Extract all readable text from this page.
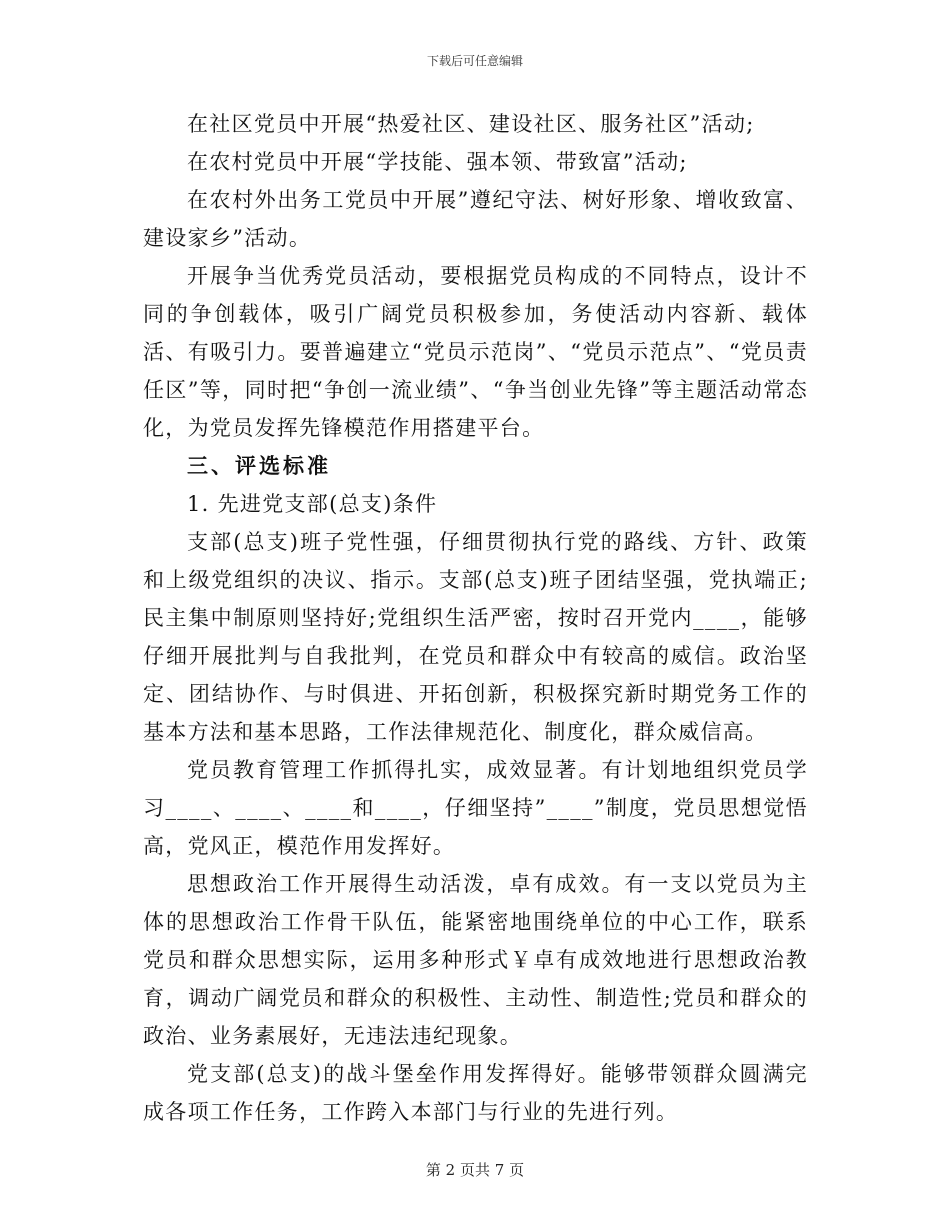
下载后可任意编辑

在社区党员中开展“热爱社区、建设社区、服务社区”活动;

在农村党员中开展“学技能、强本领、带致富”活动;

在农村外出务工党员中开展”遵纪守法、树好形象、增收致富、建设家乡”活动。

开展争当优秀党员活动，要根据党员构成的不同特点，设计不同的争创载体，吸引广阔党员积极参加，务使活动内容新、载体活、有吸引力。要普遍建立“党员示范岗”、“党员示范点”、“党员责任区”等，同时把“争创一流业绩”、“争当创业先锋”等主题活动常态化，为党员发挥先锋模范作用搭建平台。

三、评选标准

1. 先进党支部(总支)条件

支部(总支)班子党性强，仔细贯彻执行党的路线、方针、政策和上级党组织的决议、指示。支部(总支)班子团结坚强，党执端正;民主集中制原则坚持好;党组织生活严密，按时召开党内____，能够仔细开展批判与自我批判，在党员和群众中有较高的威信。政治坚定、团结协作、与时俱进、开拓创新，积极探究新时期党务工作的基本方法和基本思路，工作法律规范化、制度化，群众威信高。

党员教育管理工作抓得扎实，成效显著。有计划地组织党员学习____、____、____和____，仔细坚持”____”制度，党员思想觉悟高，党风正，模范作用发挥好。

思想政治工作开展得生动活泼，卓有成效。有一支以党员为主体的思想政治工作骨干队伍，能紧密地围绕单位的中心工作，联系党员和群众思想实际，运用多种形式￥卓有成效地进行思想政治教育，调动广阔党员和群众的积极性、主动性、制造性;党员和群众的政治、业务素展好，无违法违纪现象。

党支部(总支)的战斗堡垒作用发挥得好。能够带领群众圆满完成各项工作任务，工作跨入本部门与行业的先进行列。

第 2 页共 7 页
